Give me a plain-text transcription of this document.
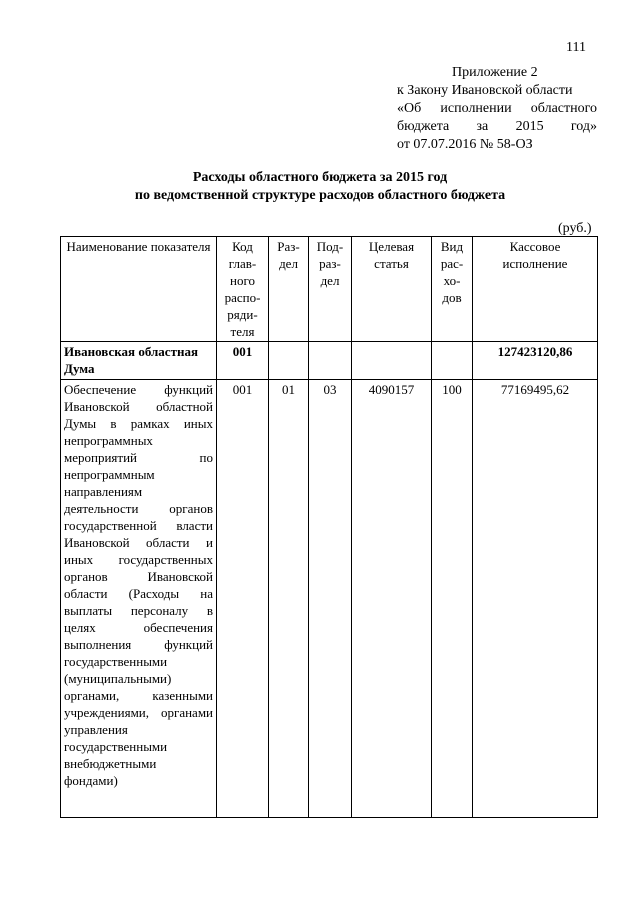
111
Приложение 2
к Закону Ивановской области
«Об исполнении областного
бюджета за 2015 год»
от 07.07.2016 № 58-ОЗ
Расходы областного бюджета за 2015 год
по ведомственной структуре расходов областного бюджета
(руб.)
Наименование показателя	Код глав-ного распо-ряди-теля	Раз-дел	Под-раз-дел	Целевая статья	Вид рас-хо-дов	Кассовое исполнение
Ивановская областная Дума	001					127423120,86
Обеспечение функций Ивановской областной Думы в рамках иных непрограммных мероприятий по непрограммным направлениям деятельности органов государственной власти Ивановской области и иных государственных органов Ивановской области (Расходы на выплаты персоналу в целях обеспечения выполнения функций государственными (муниципальными) органами, казенными учреждениями, органами управления государственными внебюджетными фондами)	001	01	03	4090157	100	77169495,62
